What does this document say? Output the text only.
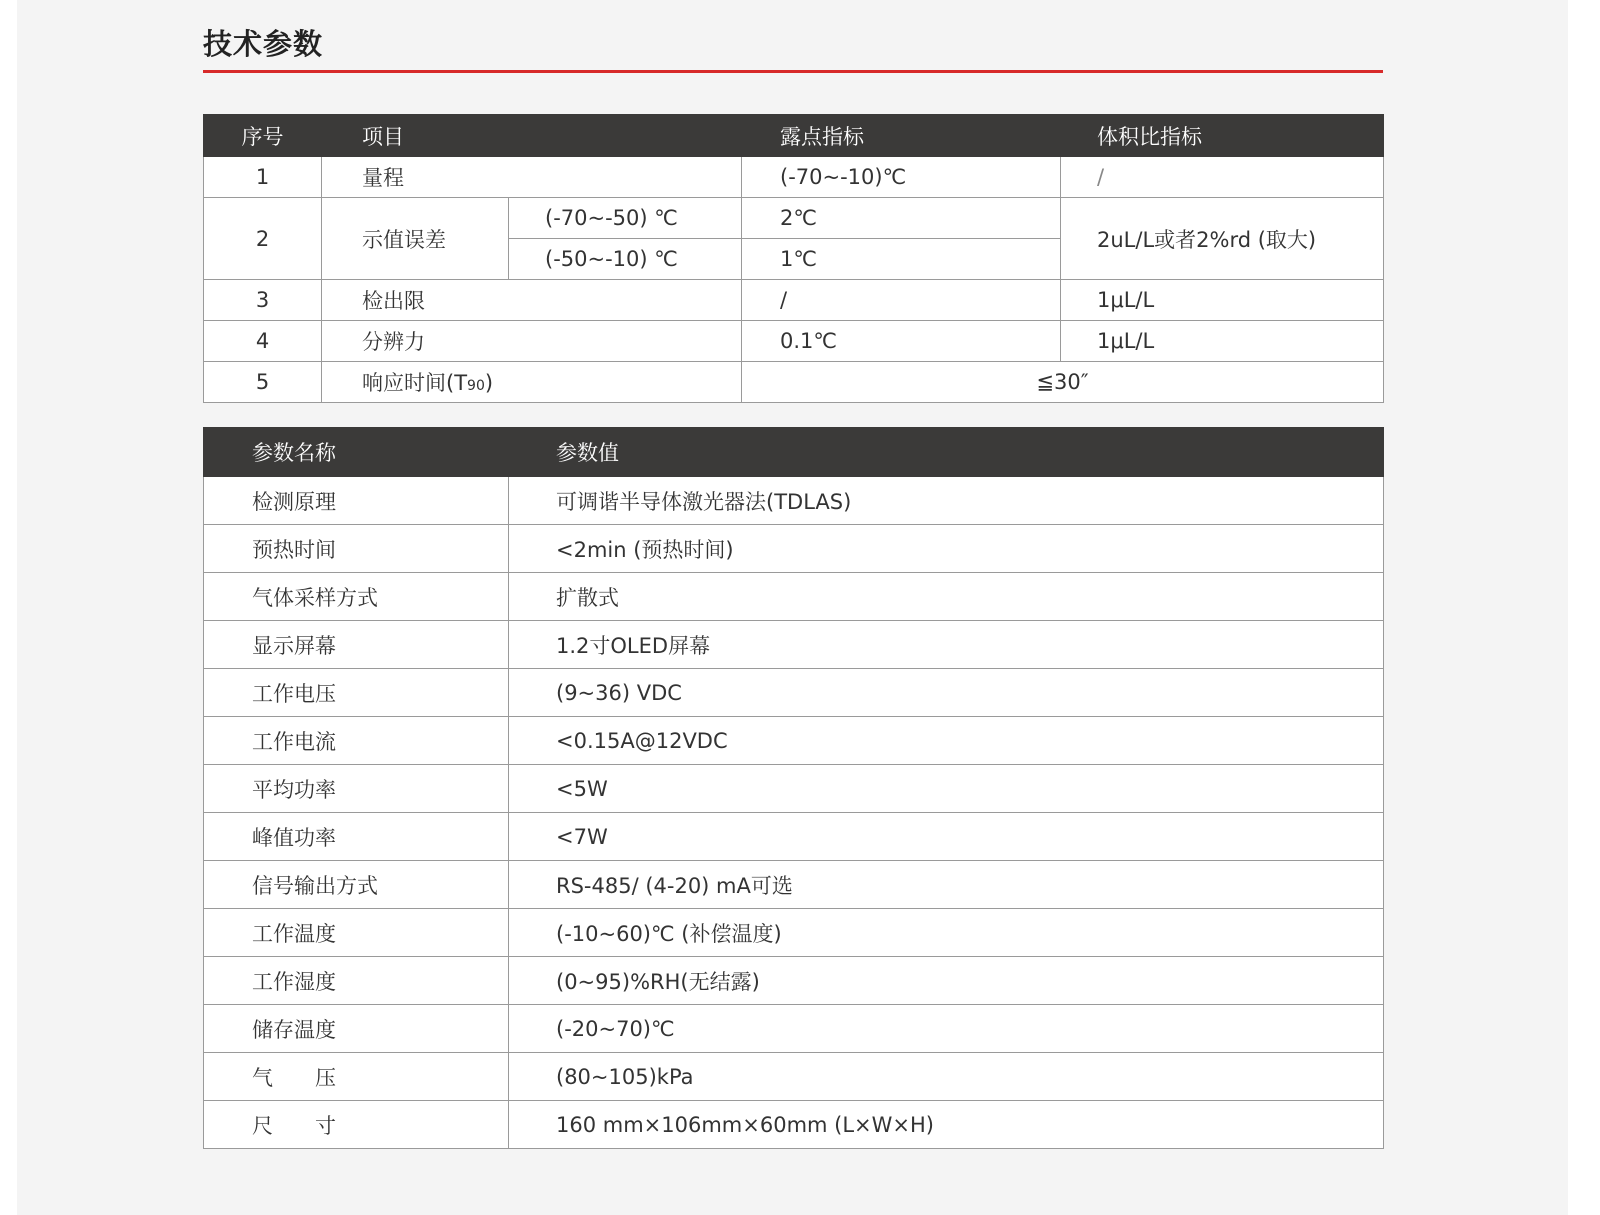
技术参数
序号	项目		露点指标	体积比指标
1	量程		(-70~-10)℃	/
2	示值误差	(-70~-50) ℃	2℃	2uL/L或者2%rd (取大)
		(-50~-10) ℃	1℃	
3	检出限		/	1μL/L
4	分辨力		0.1℃	1μL/L
5	响应时间(T90)		≦30″	
参数名称	参数值
检测原理	可调谐半导体激光器法(TDLAS)
预热时间	<2min (预热时间)
气体采样方式	扩散式
显示屏幕	1.2寸OLED屏幕
工作电压	(9~36) VDC
工作电流	<0.15A@12VDC
平均功率	<5W
峰值功率	<7W
信号输出方式	RS-485/ (4-20) mA可选
工作温度	(-10~60)℃ (补偿温度)
工作湿度	(0~95)%RH(无结露)
储存温度	(-20~70)℃
气　　压	(80~105)kPa
尺　　寸	160 mm×106mm×60mm (L×W×H)
